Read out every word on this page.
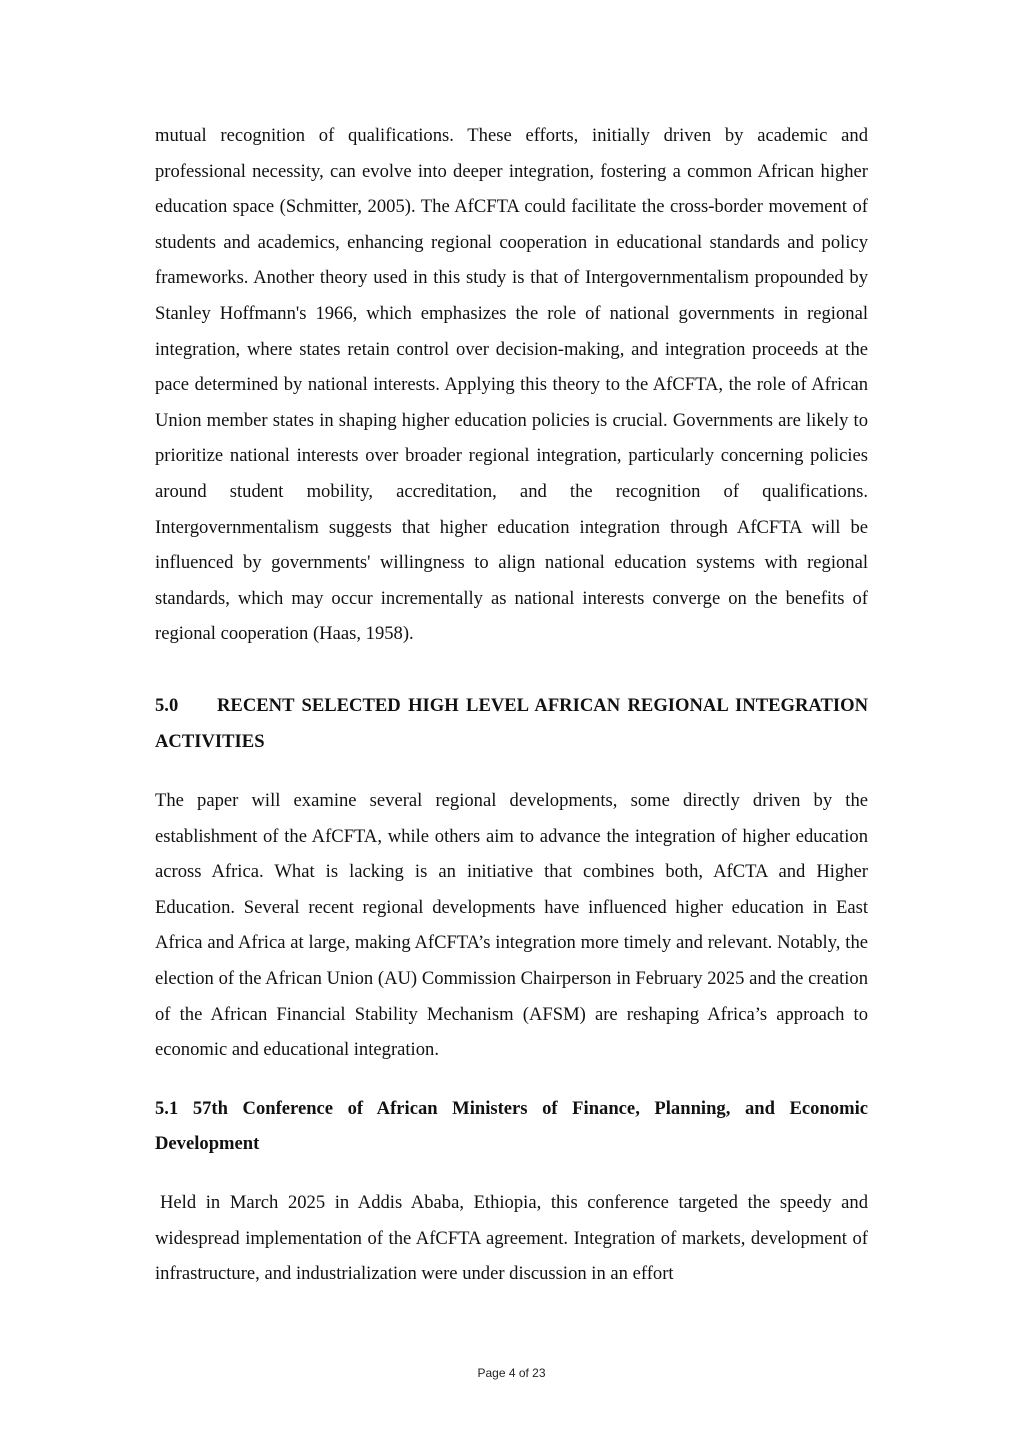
mutual recognition of qualifications. These efforts, initially driven by academic and professional necessity, can evolve into deeper integration, fostering a common African higher education space (Schmitter, 2005). The AfCFTA could facilitate the cross-border movement of students and academics, enhancing regional cooperation in educational standards and policy frameworks. Another theory used in this study is that of Intergovernmentalism propounded by Stanley Hoffmann's 1966, which emphasizes the role of national governments in regional integration, where states retain control over decision-making, and integration proceeds at the pace determined by national interests. Applying this theory to the AfCFTA, the role of African Union member states in shaping higher education policies is crucial. Governments are likely to prioritize national interests over broader regional integration, particularly concerning policies around student mobility, accreditation, and the recognition of qualifications. Intergovernmentalism suggests that higher education integration through AfCFTA will be influenced by governments' willingness to align national education systems with regional standards, which may occur incrementally as national interests converge on the benefits of regional cooperation (Haas, 1958).

5.0 RECENT SELECTED HIGH LEVEL AFRICAN REGIONAL INTEGRATION ACTIVITIES

The paper will examine several regional developments, some directly driven by the establishment of the AfCFTA, while others aim to advance the integration of higher education across Africa. What is lacking is an initiative that combines both, AfCTA and Higher Education. Several recent regional developments have influenced higher education in East Africa and Africa at large, making AfCFTA’s integration more timely and relevant. Notably, the election of the African Union (AU) Commission Chairperson in February 2025 and the creation of the African Financial Stability Mechanism (AFSM) are reshaping Africa’s approach to economic and educational integration.

5.1 57th Conference of African Ministers of Finance, Planning, and Economic Development

Held in March 2025 in Addis Ababa, Ethiopia, this conference targeted the speedy and widespread implementation of the AfCFTA agreement. Integration of markets, development of infrastructure, and industrialization were under discussion in an effort

Page 4 of 23
